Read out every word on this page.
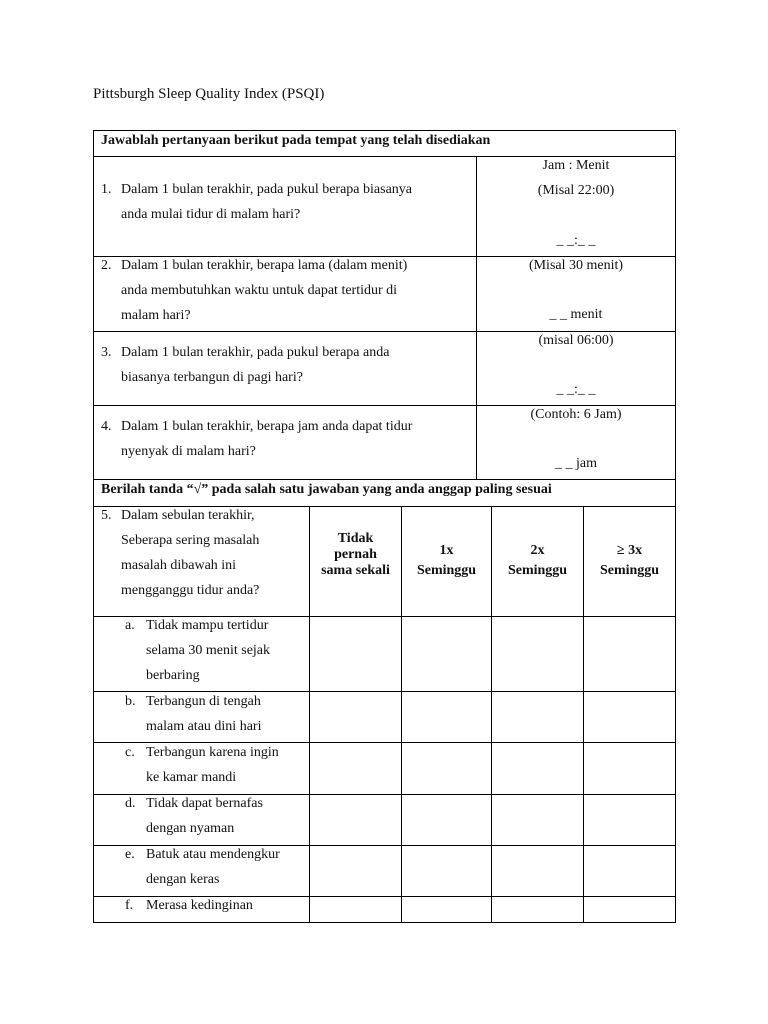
Pittsburgh Sleep Quality Index (PSQI)
Jawablah pertanyaan berikut pada tempat yang telah disediakan
1. Dalam 1 bulan terakhir, pada pukul berapa biasanya
anda mulai tidur di malam hari?
Jam : Menit
(Misal 22:00)
_ _:_ _
2. Dalam 1 bulan terakhir, berapa lama (dalam menit)
anda membutuhkan waktu untuk dapat tertidur di
malam hari?
(Misal 30 menit)
_ _ menit
3. Dalam 1 bulan terakhir, pada pukul berapa anda
biasanya terbangun di pagi hari?
(misal 06:00)
_ _:_ _
4. Dalam 1 bulan terakhir, berapa jam anda dapat tidur
nyenyak di malam hari?
(Contoh: 6 Jam)
_ _ jam
Berilah tanda “√” pada salah satu jawaban yang anda anggap paling sesuai
5. Dalam sebulan terakhir,
Seberapa sering masalah
masalah dibawah ini
mengganggu tidur anda?
Tidak
pernah
sama sekali
1x
Seminggu
2x
Seminggu
≥ 3x
Seminggu
a. Tidak mampu tertidur
selama 30 menit sejak
berbaring
b. Terbangun di tengah
malam atau dini hari
c. Terbangun karena ingin
ke kamar mandi
d. Tidak dapat bernafas
dengan nyaman
e. Batuk atau mendengkur
dengan keras
f. Merasa kedinginan
